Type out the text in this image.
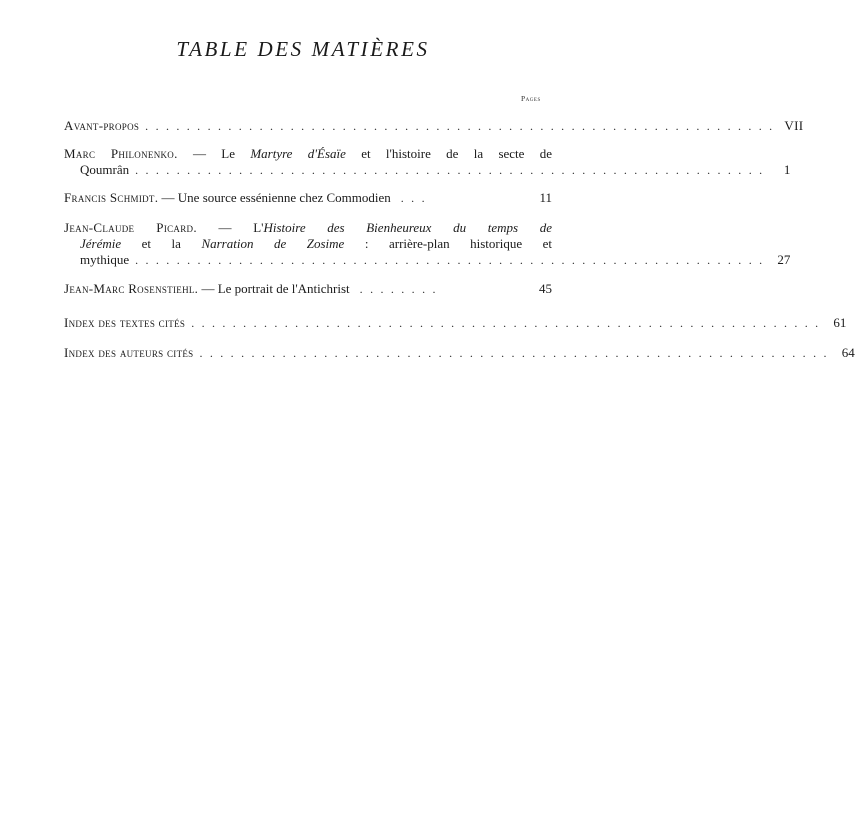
TABLE DES MATIÈRES
Pages
Avant-propos . . . . . . . . . . . . . . . . . . . . . . . . . . . . . . . . . . . . . . . . . . . . . . . . . . . . . . . . . . . . . VII
Marc Philonenko. — Le Martyre d'Ésaïe et l'histoire de la secte de
Qoumrân . . . . . . . . . . . . . . . . . . . . . . . . . . . . . . . . . . . . . . . . . . . . . . . . . . . . . . . . . . . . .	1
Francis Schmidt. — Une source essénienne chez Commodien . . .	11
Jean-Claude Picard. — L'Histoire des Bienheureux du temps de
Jérémie et la Narration de Zosime : arrière-plan historique et
mythique . . . . . . . . . . . . . . . . . . . . . . . . . . . . . . . . . . . . . . . . . . . . . . . . . . . . . . . . . . . . . 27
Jean-Marc Rosenstiehl. — Le portrait de l'Antichrist . . . . . . . .	45
Index des textes cités . . . . . . . . . . . . . . . . . . . . . . . . . . . . . . . . . . . . . . . . . . . . . . . . . . . . . . . . . . . . . 61
Index des auteurs cités . . . . . . . . . . . . . . . . . . . . . . . . . . . . . . . . . . . . . . . . . . . . . . . . . . . . . . . . . . . . . 64
